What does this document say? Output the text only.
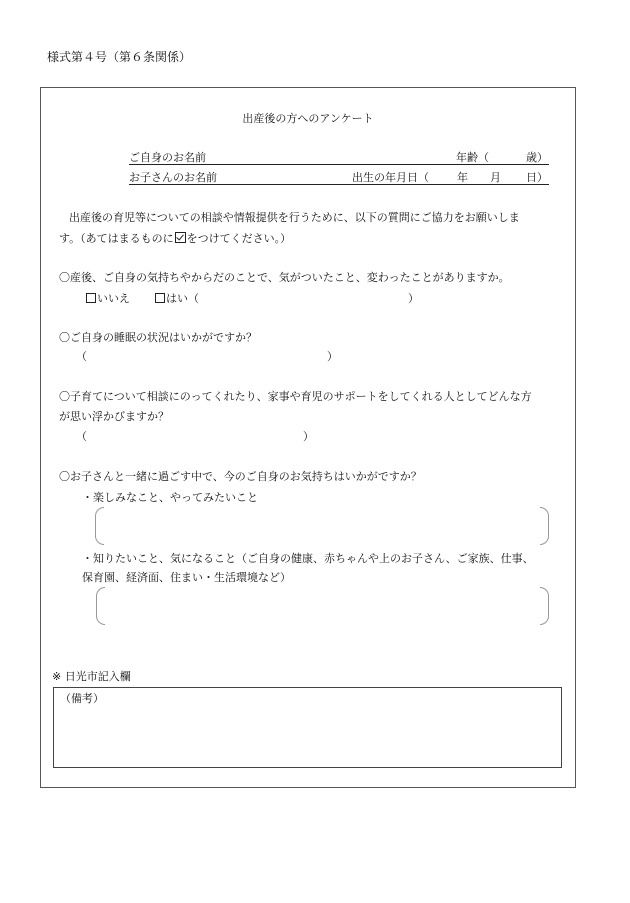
様式第４号（第６条関係）
出産後の方へのアンケート
ご自身のお名前	年齢（	歳）
お子さんのお名前	出生の年月日（	年 月 日）
出産後の育児等についての相談や情報提供を行うために、以下の質問にご協力をお願いしま
す。（あてはまるものに をつけてください。）
〇産後、ご自身の気持ちやからだのことで、気がついたこと、変わったことがありますか。
いいえ	はい（	）
〇ご自身の睡眠の状況はいかがですか？
（	）
〇子育てについて相談にのってくれたり、家事や育児のサポートをしてくれる人としてどんな方
が思い浮かびますか？
（	）
〇お子さんと一緒に過ごす中で、今のご自身のお気持ちはいかがですか？
・楽しみなこと、やってみたいこと
・知りたいこと、気になること（ご自身の健康、赤ちゃんや上のお子さん、ご家族、仕事、
保育園、経済面、住まい・生活環境など）
※ 日光市記入欄
（備考）
